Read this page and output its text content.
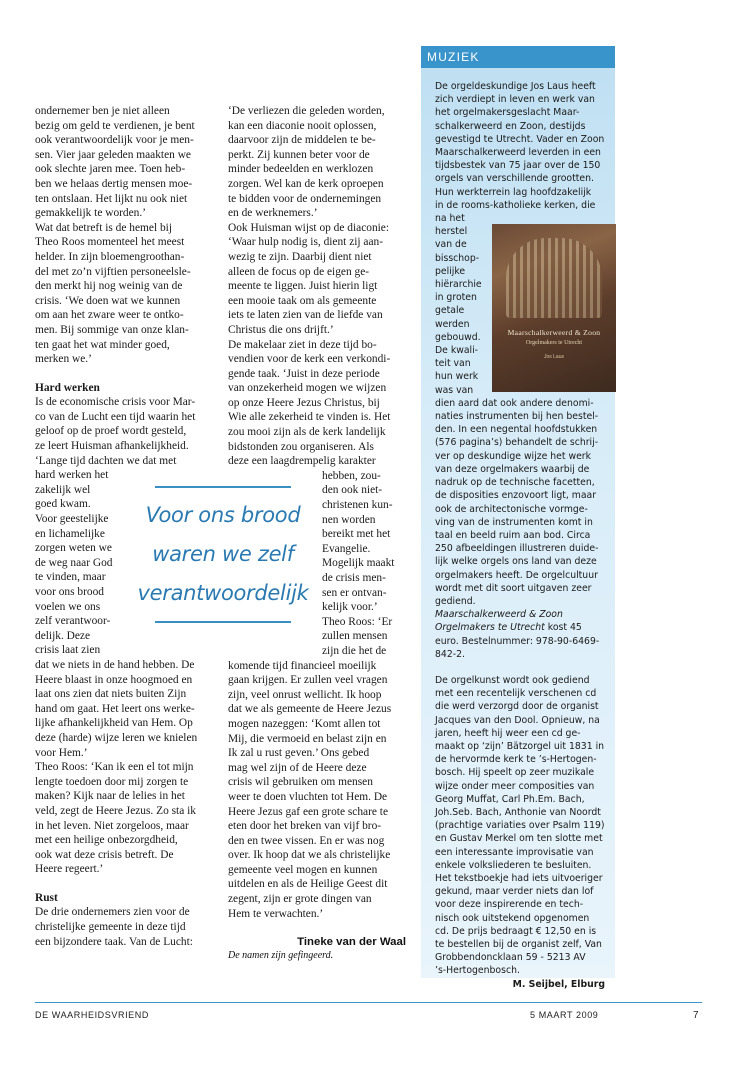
ondernemer ben je niet alleen
bezig om geld te verdienen, je bent
ook verantwoordelijk voor je men-
sen. Vier jaar geleden maakten we
ook slechte jaren mee. Toen heb-
ben we helaas dertig mensen moe-
ten ontslaan. Het lijkt nu ook niet
gemakkelijk te worden.’

Wat dat betreft is de hemel bij
Theo Roos momenteel het meest
helder. In zijn bloemengroothan-
del met zo’n vijftien personeelsle-
den merkt hij nog weinig van de
crisis. ‘We doen wat we kunnen
om aan het zware weer te ontko-
men. Bij sommige van onze klan-
ten gaat het wat minder goed,
merken we.’

Hard werken

Is de economische crisis voor Mar-
co van de Lucht een tijd waarin het
geloof op de proef wordt gesteld,
ze leert Huisman afhankelijkheid.
‘Lange tijd dachten we dat met
hard werken het
zakelijk wel
goed kwam.
Voor geestelijke
en lichamelijke
zorgen weten we
de weg naar God
te vinden, maar
voor ons brood
voelen we ons
zelf verantwoor-
delijk. Deze
crisis laat zien
dat we niets in de hand hebben. De
Heere blaast in onze hoogmoed en
laat ons zien dat niets buiten Zijn
hand om gaat. Het leert ons werke-
lijke afhankelijkheid van Hem. Op
deze (harde) wijze leren we knielen
voor Hem.’

Theo Roos: ‘Kan ik een el tot mijn
lengte toedoen door mij zorgen te
maken? Kijk naar de lelies in het
veld, zegt de Heere Jezus. Zo sta ik
in het leven. Niet zorgeloos, maar
met een heilige onbezorgdheid,
ook wat deze crisis betreft. De
Heere regeert.’

Rust

De drie ondernemers zien voor de
christelijke gemeente in deze tijd
een bijzondere taak. Van de Lucht:

‘De verliezen die geleden worden,
kan een diaconie nooit oplossen,
daarvoor zijn de middelen te be-
perkt. Zij kunnen beter voor de
minder bedeelden en werklozen
zorgen. Wel kan de kerk oproepen
te bidden voor de ondernemingen
en de werknemers.’

Ook Huisman wijst op de diaconie:
‘Waar hulp nodig is, dient zij aan-
wezig te zijn. Daarbij dient niet
alleen de focus op de eigen ge-
meente te liggen. Juist hierin ligt
een mooie taak om als gemeente
iets te laten zien van de liefde van
Christus die ons drijft.’

De makelaar ziet in deze tijd bo-
vendien voor de kerk een verkondi-
gende taak. ‘Juist in deze periode
van onzekerheid mogen we wijzen
op onze Heere Jezus Christus, bij
Wie alle zekerheid te vinden is. Het
zou mooi zijn als de kerk landelijk
bidstonden zou organiseren. Als
deze een laagdrempelig karakter
hebben, zou-
den ook niet-
christenen kun-
nen worden
bereikt met het
Evangelie.
Mogelijk maakt
de crisis men-
sen er ontvan-
kelijk voor.’
Theo Roos: ‘Er
zullen mensen
zijn die het de
komende tijd financieel moeilijk
gaan krijgen. Er zullen veel vragen
zijn, veel onrust wellicht. Ik hoop
dat we als gemeente de Heere Jezus
mogen nazeggen: ‘Komt allen tot
Mij, die vermoeid en belast zijn en
Ik zal u rust geven.’ Ons gebed
mag wel zijn of de Heere deze
crisis wil gebruiken om mensen
weer te doen vluchten tot Hem. De
Heere Jezus gaf een grote schare te
eten door het breken van vijf bro-
den en twee vissen. En er was nog
over. Ik hoop dat we als christelijke
gemeente veel mogen en kunnen
uitdelen en als de Heilige Geest dit
zegent, zijn er grote dingen van
Hem te verwachten.’

Tineke van der Waal
De namen zijn gefingeerd.
Voor ons brood
waren we zelf
verantwoordelijk
MUZIEK

De orgeldeskundige Jos Laus heeft
zich verdiept in leven en werk van
het orgelmakersgeslacht Maar-
schalkerweerd en Zoon, destijds
gevestigd te Utrecht. Vader en Zoon
Maarschalkerweerd leverden in een
tijdsbestek van 75 jaar over de 150
orgels van verschillende grootten.
Hun werkterrein lag hoofdzakelijk
in de rooms-katholieke kerken, die
na het
herstel
van de
bisschop-
pelijke
hiërarchie
in groten
getale
werden
gebouwd.
De kwali-
teit van
hun werk
was van
dien aard dat ook andere denomi-
naties instrumenten bij hen bestel-
den. In een negental hoofdstukken
(576 pagina’s) behandelt de schrij-
ver op deskundige wijze het werk
van deze orgelmakers waarbij de
nadruk op de technische facetten,
de disposities enzovoort ligt, maar
ook de architectonische vormge-
ving van de instrumenten komt in
taal en beeld ruim aan bod. Circa
250 afbeeldingen illustreren duide-
lijk welke orgels ons land van deze
orgelmakers heeft. De orgelcultuur
wordt met dit soort uitgaven zeer
gediend.
Maarschalkerweerd & Zoon Orgelmakers te Utrecht kost 45 euro. Bestelnummer: 978-90-6469-842-2.

De orgelkunst wordt ook gediend
met een recentelijk verschenen cd
die werd verzorgd door de organist
Jacques van den Dool. Opnieuw, na
jaren, heeft hij weer een cd ge-
maakt op ‘zijn’ Bätzorgel uit 1831 in
de hervormde kerk te ’s-Hertogen-
bosch. Hij speelt op zeer muzikale
wijze onder meer composities van
Georg Muffat, Carl Ph.Em. Bach,
Joh.Seb. Bach, Anthonie van Noordt
(prachtige variaties over Psalm 119)
en Gustav Merkel om ten slotte met
een interessante improvisatie van
enkele volksliederen te besluiten.
Het tekstboekje had iets uitvoeriger
gekund, maar verder niets dan lof
voor deze inspirerende en tech-
nisch ook uitstekend opgenomen
cd. De prijs bedraagt € 12,50 en is
te bestellen bij de organist zelf, Van
Grobbendoncklaan 59 - 5213 AV
’s-Hertogenbosch.

M. Seijbel, Elburg

Maarschalkerweerd & Zoon
Orgelmakers te Utrecht
Jos Laus
DE WAARHEIDSVRIEND	5 MAART 2009	7
